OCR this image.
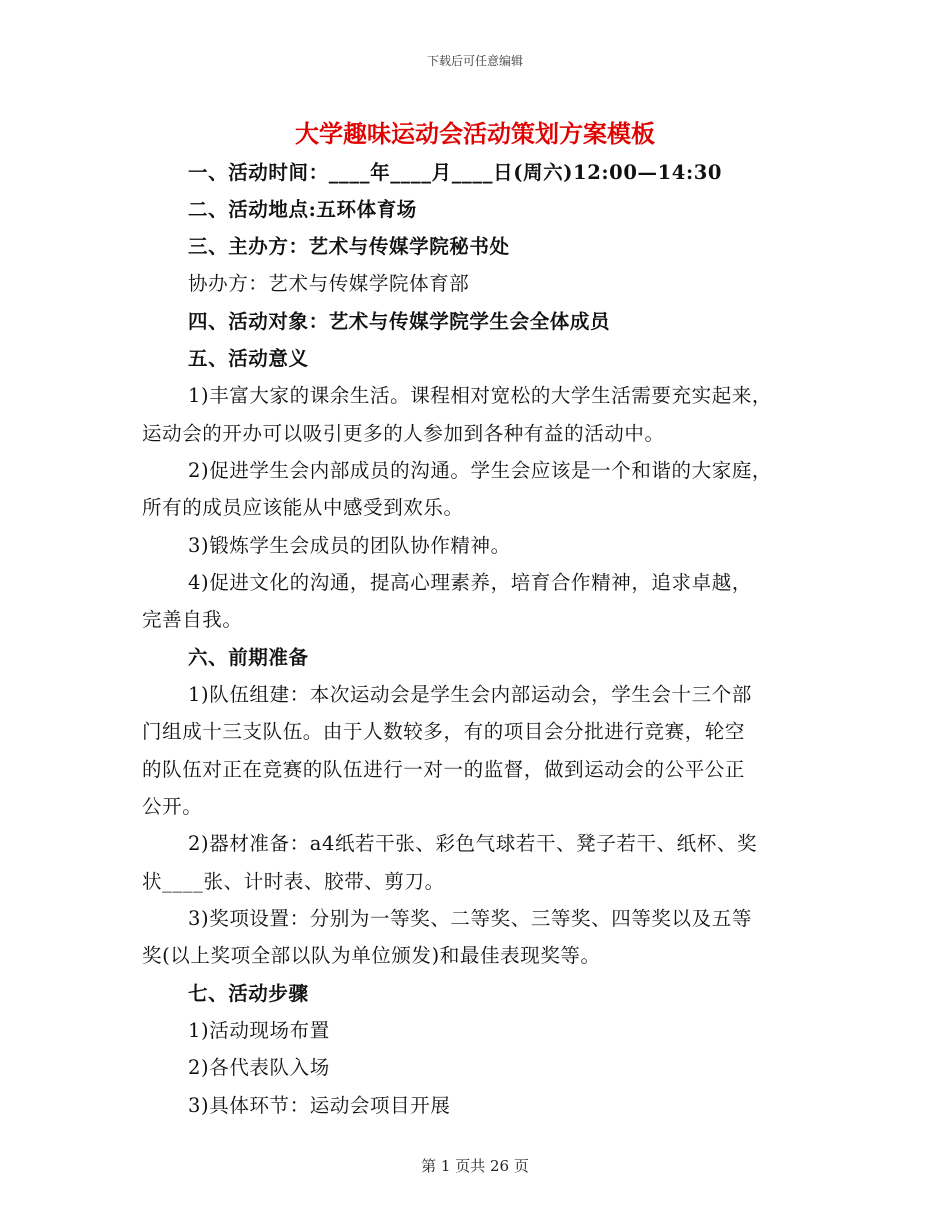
下载后可任意编辑
大学趣味运动会活动策划方案模板
一、活动时间：____年____月____日(周六)12:00—14:30
二、活动地点:五环体育场
三、主办方：艺术与传媒学院秘书处
协办方：艺术与传媒学院体育部
四、活动对象：艺术与传媒学院学生会全体成员
五、活动意义
1)丰富大家的课余生活。课程相对宽松的大学生活需要充实起来，
运动会的开办可以吸引更多的人参加到各种有益的活动中。
2)促进学生会内部成员的沟通。学生会应该是一个和谐的大家庭，
所有的成员应该能从中感受到欢乐。
3)锻炼学生会成员的团队协作精神。
4)促进文化的沟通，提高心理素养，培育合作精神，追求卓越，
完善自我。
六、前期准备
1)队伍组建：本次运动会是学生会内部运动会，学生会十三个部
门组成十三支队伍。由于人数较多，有的项目会分批进行竞赛，轮空
的队伍对正在竞赛的队伍进行一对一的监督，做到运动会的公平公正
公开。
2)器材准备：a4纸若干张、彩色气球若干、凳子若干、纸杯、奖
状____张、计时表、胶带、剪刀。
3)奖项设置：分别为一等奖、二等奖、三等奖、四等奖以及五等
奖(以上奖项全部以队为单位颁发)和最佳表现奖等。
七、活动步骤
1)活动现场布置
2)各代表队入场
3)具体环节：运动会项目开展
第 1 页共 26 页
